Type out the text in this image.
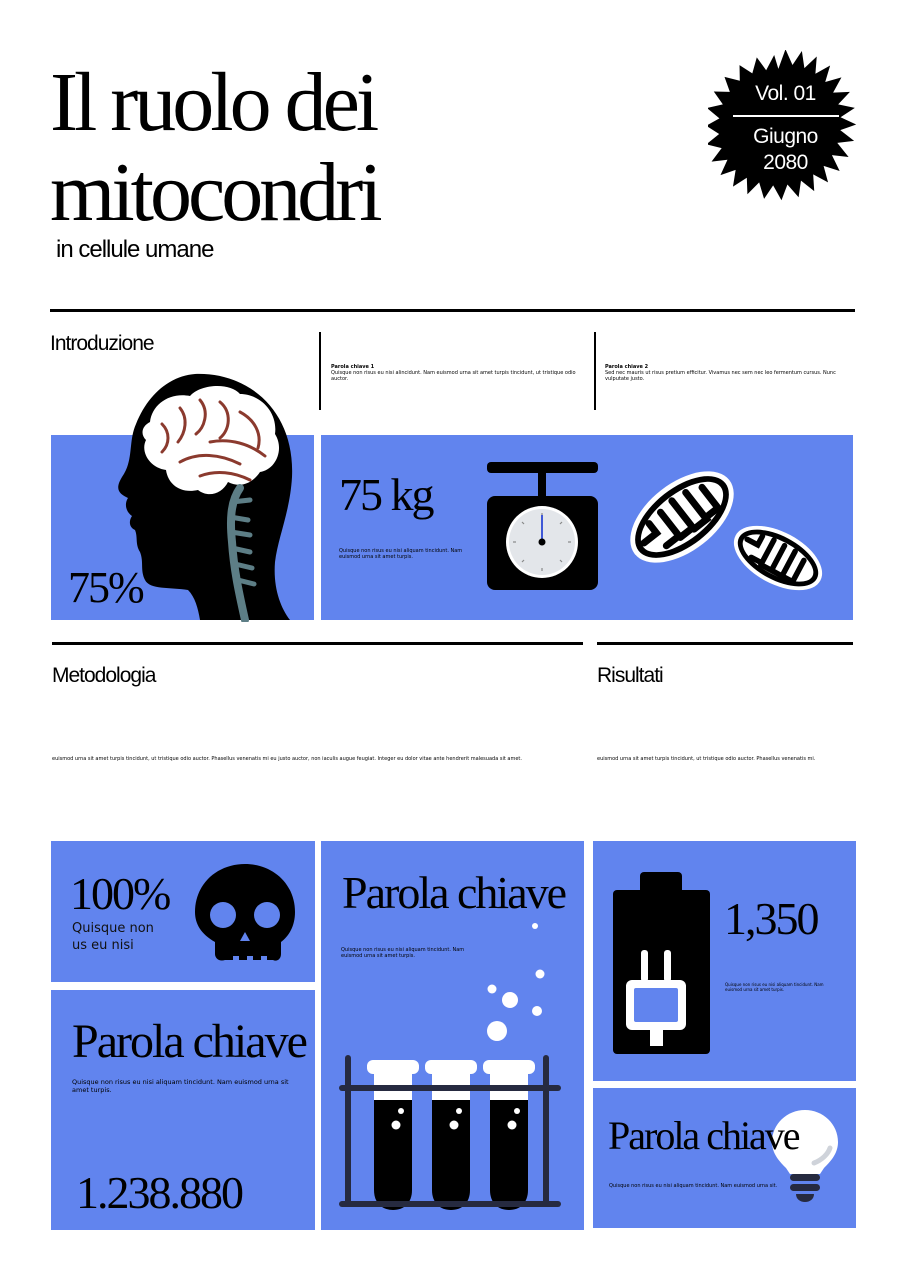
Il ruolo dei
mitocondri
in cellule umane
Vol. 01
Giugno
2080
Introduzione
Parola chiave 1
Quisque non risus eu nisi alincidunt. Nam euismod urna sit amet turpis tincidunt, ut tristique odio auctor.
Parola chiave 2
Sed nec mauris ut risus pretium efficitur. Vivamus nec sem nec leo fermentum cursus. Nunc vulputate justo.
75%
75 kg
Quisque non risus eu nisi aliquam tincidunt. Nam euismod urna sit amet turpis.
Metodologia	Risultati
euismod urna sit amet turpis tincidunt, ut tristique odio auctor. Phasellus venenatis mi eu justo auctor, non iaculis augue feugiat. Integer eu dolor vitae ante hendrerit malesuada sit amet.	euismod urna sit amet turpis tincidunt, ut tristique odio auctor. Phasellus venenatis mi.
100%
Quisque non
us eu nisi
Parola chiave
Quisque non risus eu nisi aliquam tincidunt. Nam euismod urna sit amet turpis.
1.238.880
Parola chiave
Quisque non risus eu nisi aliquam tincidunt. Nam euismod urna sit amet turpis.
1,350
Quisque non risus eu nisi aliquam tincidunt. Nam euismod urna sit amet turpis.
Parola chiave
Quisque non risus eu nisi aliquam tincidunt. Nam euismod urna sit.
